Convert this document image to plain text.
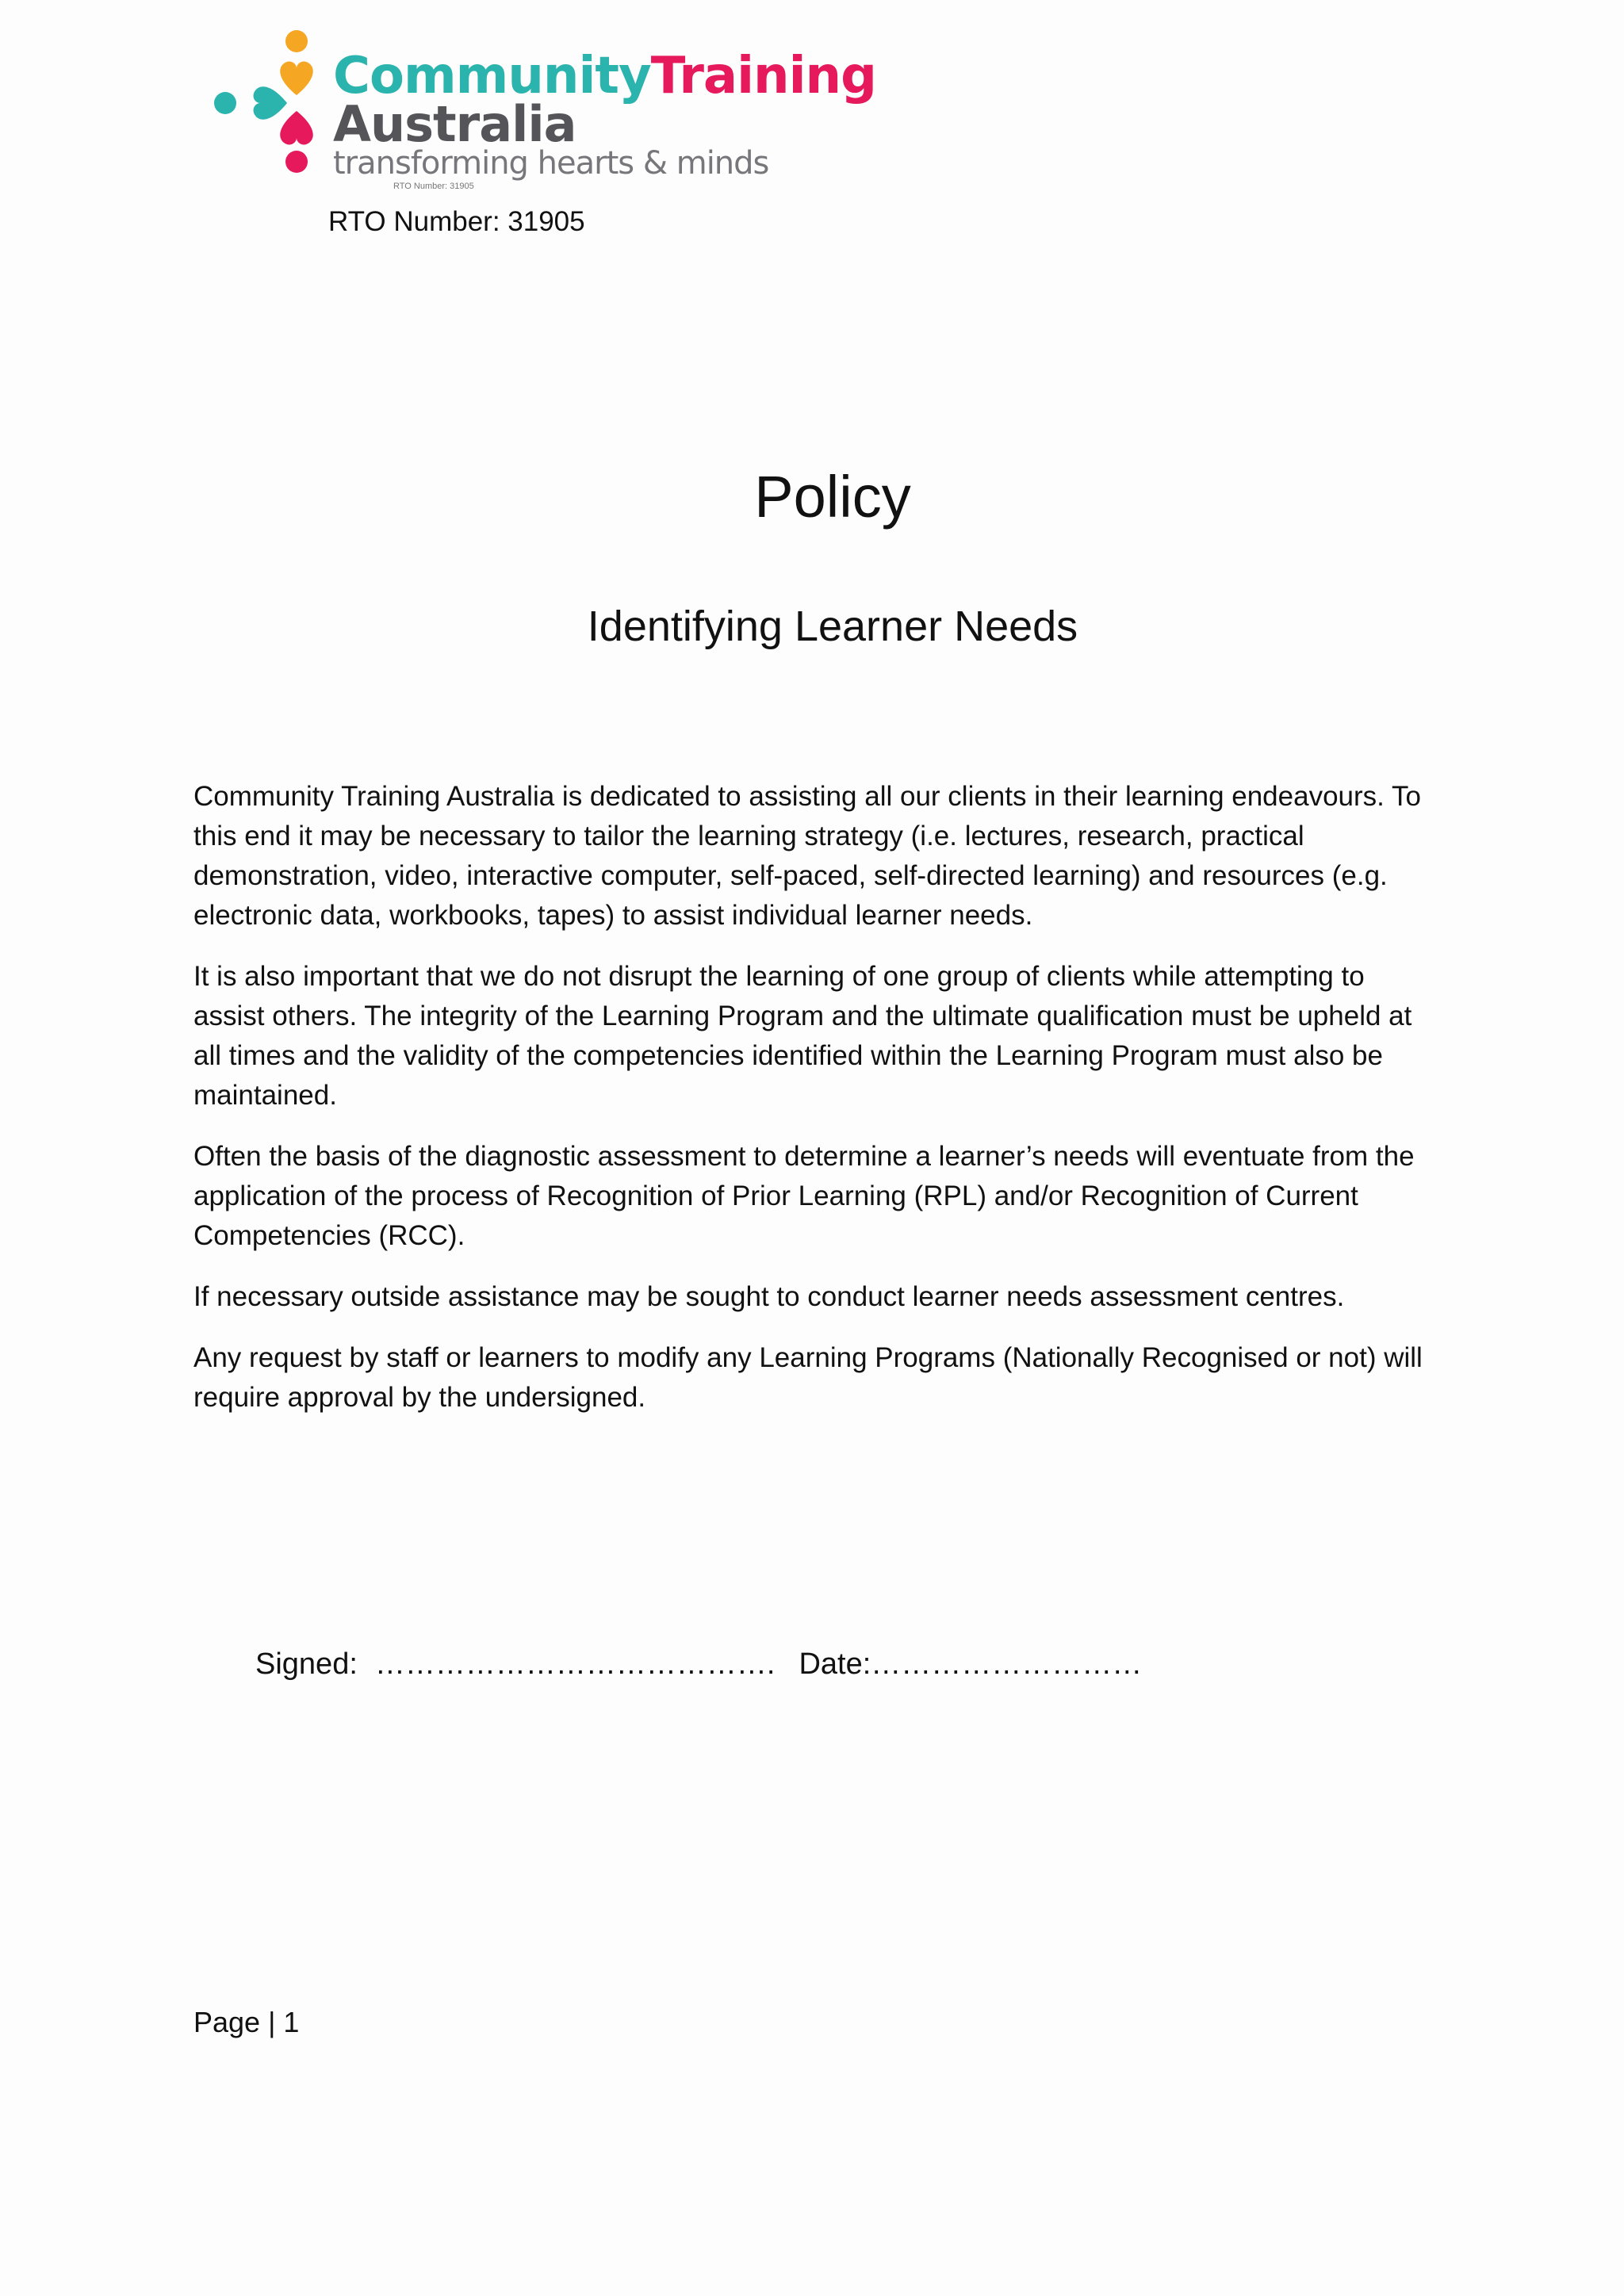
CommunityTraining
Australia
transforming hearts & minds
RTO Number: 31905
RTO Number: 31905
Policy
Identifying Learner Needs

Community Training Australia is dedicated to assisting all our clients in their learning endeavours. To this end it may be necessary to tailor the learning strategy (i.e. lectures, research, practical demonstration, video, interactive computer, self-paced, self-directed learning) and resources (e.g. electronic data, workbooks, tapes) to assist individual learner needs.

It is also important that we do not disrupt the learning of one group of clients while attempting to assist others. The integrity of the Learning Program and the ultimate qualification must be upheld at all times and the validity of the competencies identified within the Learning Program must also be maintained.

Often the basis of the diagnostic assessment to determine a learner’s needs will eventuate from the application of the process of Recognition of Prior Learning (RPL) and/or Recognition of Current Competencies (RCC).

If necessary outside assistance may be sought to conduct learner needs assessment centres.

Any request by staff or learners to modify any Learning Programs (Nationally Recognised or not) will require approval by the undersigned.

Signed: …………………………………. Date:………………………
Page | 1
